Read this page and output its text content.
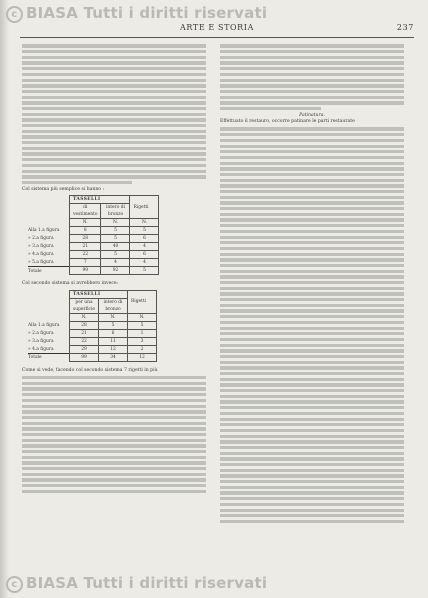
c BIASA Tutti i diritti riservati
ARTE E STORIA	237

Col sistema più semplice si hanno :

	TASSELLI		Rigetti
	di vestimento	intero di bronzo	
	N.	N.	N.
Alla 1.a figura	8	5	5
» 2.a figura	28	5	6
» 3.a figura	21	40	4
» 4.a figura	22	5	6
» 5.a figura	7	4	4
Totale	99	92	5

Col secondo sistema si avrebbero invece:

	TASSELLI		Rigetti
	per una superficie	intero di bronzo	
	N.	N.	N.
Alla 1.a figura	28	5	5
» 2.a figura	21	6	1
» 3.a figura	22	11	3
» 4.a figura	29	12	2
Totale	99	34	12

Come si vede, facendo col secondo sistema 7 rigetti in più

Patinatura.

Effettuato il restauro, occorre patinare le parti restaurate

c BIASA Tutti i diritti riservati
